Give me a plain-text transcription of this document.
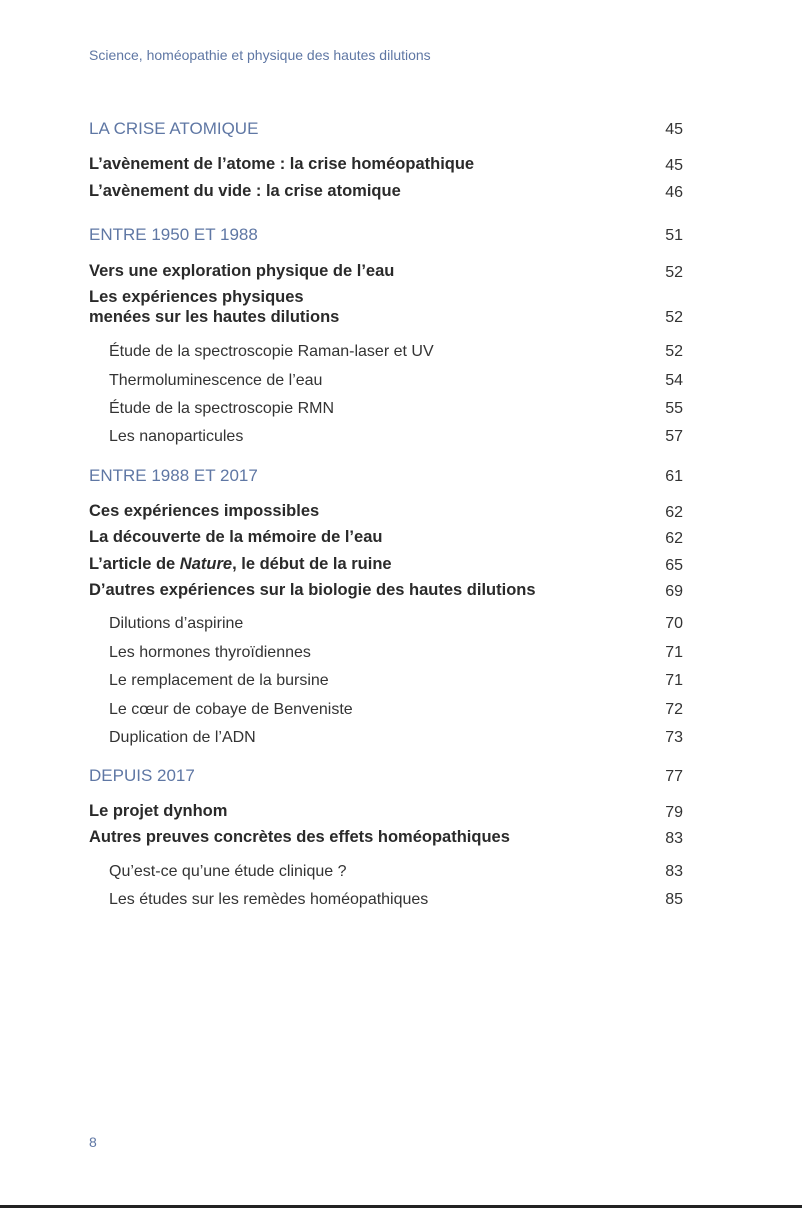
Science, homéopathie et physique des hautes dilutions
LA CRISE ATOMIQUE	45
L’avènement de l’atome : la crise homéopathique	45
L’avènement du vide : la crise atomique	46
ENTRE 1950 ET 1988	51
Vers une exploration physique de l’eau	52
Les expériences physiques
menées sur les hautes dilutions	52
Étude de la spectroscopie Raman-laser et UV	52
Thermoluminescence de l’eau	54
Étude de la spectroscopie RMN	55
Les nanoparticules	57
ENTRE 1988 ET 2017	61
Ces expériences impossibles	62
La découverte de la mémoire de l’eau	62
L’article de Nature, le début de la ruine	65
D’autres expériences sur la biologie des hautes dilutions	69
Dilutions d’aspirine	70
Les hormones thyroïdiennes	71
Le remplacement de la bursine	71
Le cœur de cobaye de Benveniste	72
Duplication de l’ADN	73
DEPUIS 2017	77
Le projet dynhom	79
Autres preuves concrètes des effets homéopathiques	83
Qu’est-ce qu’une étude clinique ?	83
Les études sur les remèdes homéopathiques	85
8
